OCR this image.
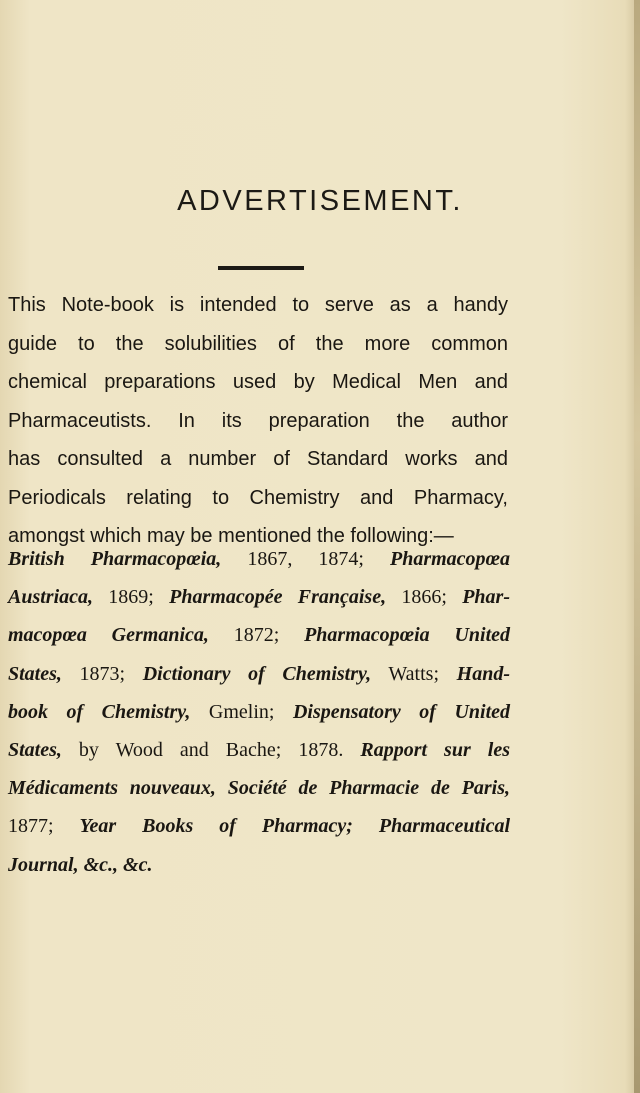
ADVERTISEMENT.
This Note-book is intended to serve as a handy
guide to the solubilities of the more common
chemical preparations used by Medical Men and
Pharmaceutists. In its preparation the author
has consulted a number of Standard works and
Periodicals relating to Chemistry and Pharmacy,
amongst which may be mentioned the following:—
British Pharmacopœia, 1867, 1874; Pharmacopœa
Austriaca, 1869; Pharmacopée Française, 1866; Phar-
macopœa Germanica, 1872; Pharmacopœia United
States, 1873; Dictionary of Chemistry, Watts; Hand-
book of Chemistry, Gmelin; Dispensatory of United
States, by Wood and Bache; 1878. Rapport sur les
Médicaments nouveaux, Société de Pharmacie de Paris,
1877; Year Books of Pharmacy; Pharmaceutical
Journal, &c., &c.
